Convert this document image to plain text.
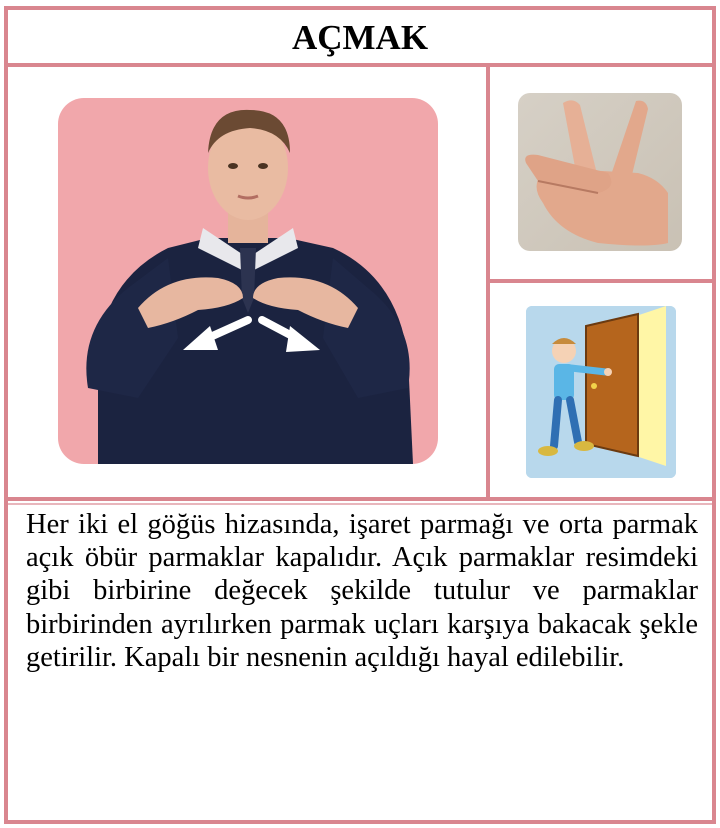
AÇMAK
Her iki el göğüs hizasında, işaret parmağı ve orta parmak açık öbür parmaklar kapalıdır. Açık parmaklar resimdeki gibi birbirine değecek şekilde tutulur ve parmaklar birbirinden ayrılırken parmak uçları karşıya bakacak şekle getirilir. Kapalı bir nesnenin açıldığı hayal edilebilir.
